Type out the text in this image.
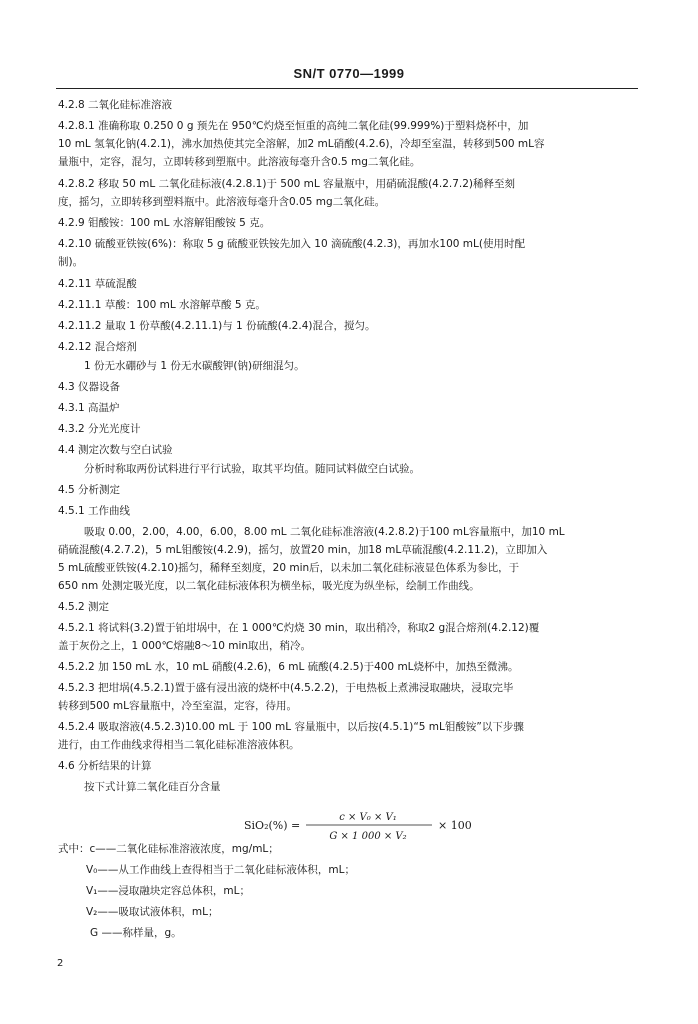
SN/T 0770—1999
4.2.8 二氧化硅标准溶液
4.2.8.1 准确称取 0.250 0 g 预先在 950℃灼烧至恒重的高纯二氧化硅(99.999%)于塑料烧杯中，加
10 mL 氢氧化钠(4.2.1)，沸水加热使其完全溶解，加2 mL硝酸(4.2.6)，冷却至室温，转移到500 mL容
量瓶中，定容，混匀，立即转移到塑瓶中。此溶液每毫升含0.5 mg二氧化硅。
4.2.8.2 移取 50 mL 二氧化硅标液(4.2.8.1)于 500 mL 容量瓶中，用硝硫混酸(4.2.7.2)稀释至刻
度，摇匀，立即转移到塑料瓶中。此溶液每毫升含0.05 mg二氧化硅。
4.2.9 钼酸铵：100 mL 水溶解钼酸铵 5 克。
4.2.10 硫酸亚铁铵(6%)：称取 5 g 硫酸亚铁铵先加入 10 滴硫酸(4.2.3)，再加水100 mL(使用时配
制)。
4.2.11 草硫混酸
4.2.11.1 草酸：100 mL 水溶解草酸 5 克。
4.2.11.2 量取 1 份草酸(4.2.11.1)与 1 份硫酸(4.2.4)混合，搅匀。
4.2.12 混合熔剂
1 份无水硼砂与 1 份无水碳酸钾(钠)研细混匀。
4.3 仪器设备
4.3.1 高温炉
4.3.2 分光光度计
4.4 测定次数与空白试验
分析时称取两份试料进行平行试验，取其平均值。随同试料做空白试验。
4.5 分析测定
4.5.1 工作曲线
吸取 0.00，2.00，4.00，6.00，8.00 mL 二氧化硅标准溶液(4.2.8.2)于100 mL容量瓶中，加10 mL
硝硫混酸(4.2.7.2)，5 mL钼酸铵(4.2.9)，摇匀，放置20 min，加18 mL草硫混酸(4.2.11.2)，立即加入
5 mL硫酸亚铁铵(4.2.10)摇匀，稀释至刻度，20 min后，以未加二氧化硅标液显色体系为参比，于
650 nm 处测定吸光度，以二氧化硅标液体积为横坐标，吸光度为纵坐标，绘制工作曲线。
4.5.2 测定
4.5.2.1 将试料(3.2)置于铂坩埚中，在 1 000℃灼烧 30 min，取出稍冷，称取2 g混合熔剂(4.2.12)覆
盖于灰份之上，1 000℃熔融8～10 min取出，稍冷。
4.5.2.2 加 150 mL 水，10 mL 硝酸(4.2.6)，6 mL 硫酸(4.2.5)于400 mL烧杯中，加热至微沸。
4.5.2.3 把坩埚(4.5.2.1)置于盛有浸出液的烧杯中(4.5.2.2)，于电热板上煮沸浸取融块，浸取完毕
转移到500 mL容量瓶中，冷至室温，定容，待用。
4.5.2.4 吸取溶液(4.5.2.3)10.00 mL 于 100 mL 容量瓶中，以后按(4.5.1)“5 mL钼酸铵”以下步骤
进行，由工作曲线求得相当二氧化硅标准溶液体积。
4.6 分析结果的计算
按下式计算二氧化硅百分含量
式中：c——二氧化硅标准溶液浓度，mg/mL；
V₀——从工作曲线上查得相当于二氧化硅标液体积，mL；
V₁——浸取融块定容总体积，mL；
V₂——吸取试液体积，mL；
G ——称样量，g。
SiO₂(%) =
c × V₀ × V₁
G × 1 000 × V₂
× 100
2
